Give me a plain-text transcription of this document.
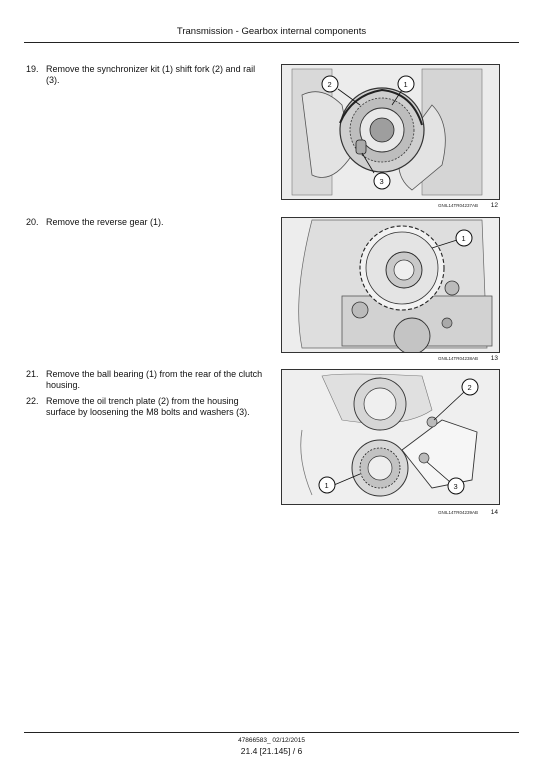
Transmission - Gearbox internal components
19. Remove the synchronizer kit (1) shift fork (2) and rail (3).
20. Remove the reverse gear (1).
21. Remove the ball bearing (1) from the rear of the clutch housing.
22. Remove the oil trench plate (2) from the housing surface by loosening the M8 bolts and washers (3).
2	1
3
GNIL14TR04237AB 12
1
GNIL14TR04238AB 13
2
1	3
GNIL14TR04239AB 14
47866583_ 02/12/2015
21.4 [21.145] / 6
